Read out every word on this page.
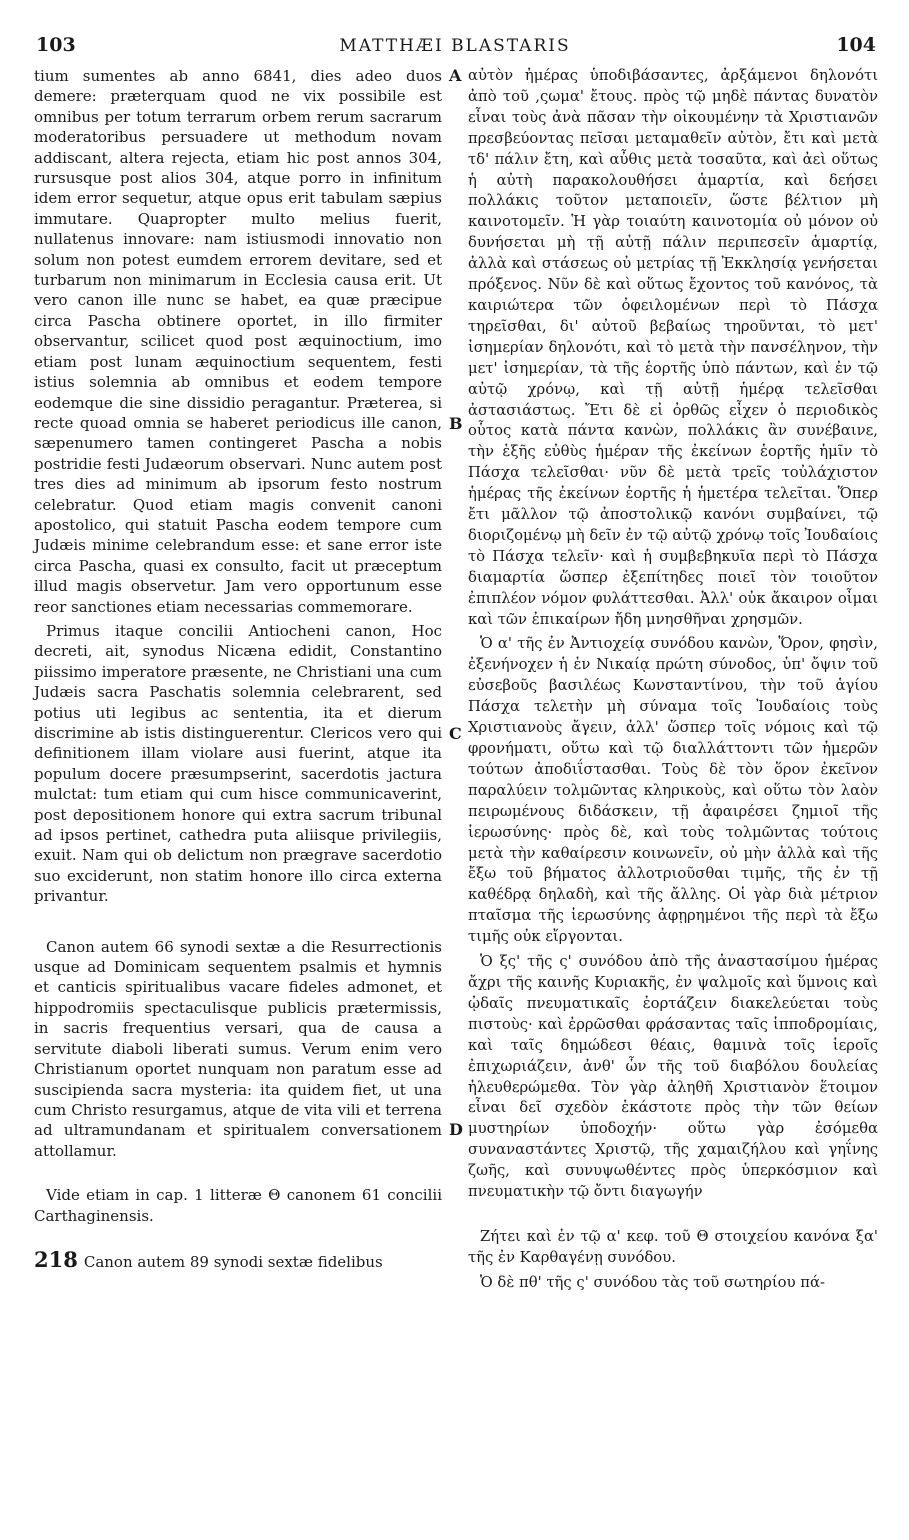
103	MATTHÆI BLASTARIS	104

tium sumentes ab anno 6841, dies adeo duos demere: præterquam quod ne vix possibile est omnibus per totum terrarum orbem rerum sacrarum moderatoribus persuadere ut methodum novam addiscant, altera rejecta, etiam hic post annos 304, rursusque post alios 304, atque porro in infinitum idem error sequetur, atque opus erit tabulam sæpius immutare. Quapropter multo melius fuerit, nullatenus innovare: nam istiusmodi innovatio non solum non potest eumdem errorem devitare, sed et turbarum non minimarum in Ecclesia causa erit. Ut vero canon ille nunc se habet, ea quæ præcipue circa Pascha obtinere oportet, in illo firmiter observantur, scilicet quod post æquinoctium, imo etiam post lunam æquinoctium sequentem, festi istius solemnia ab omnibus et eodem tempore eodemque die sine dissidio peragantur. Præterea, si recte quoad omnia se haberet periodicus ille canon, sæpenumero tamen contingeret Pascha a nobis postridie festi Judæorum observari. Nunc autem post tres dies ad minimum ab ipsorum festo nostrum celebratur. Quod etiam magis convenit canoni apostolico, qui statuit Pascha eodem tempore cum Judæis minime celebrandum esse: et sane error iste circa Pascha, quasi ex consulto, facit ut præceptum illud magis observetur. Jam vero opportunum esse reor sanctiones etiam necessarias commemorare.

Primus itaque concilii Antiocheni canon, Hoc decreti, ait, synodus Nicæna edidit, Constantino piissimo imperatore præsente, ne Christiani una cum Judæis sacra Paschatis solemnia celebrarent, sed potius uti legibus ac sententia, ita et dierum discrimine ab istis distinguerentur. Clericos vero qui definitionem illam violare ausi fuerint, atque ita populum docere præsumpserint, sacerdotis jactura mulctat: tum etiam qui cum hisce communicaverint, post depositionem honore qui extra sacrum tribunal ad ipsos pertinet, cathedra puta aliisque privilegiis, exuit. Nam qui ob delictum non prægrave sacerdotio suo exciderunt, non statim honore illo circa externa privantur.

Canon autem 66 synodi sextæ a die Resurrectionis usque ad Dominicam sequentem psalmis et hymnis et canticis spiritualibus vacare fideles admonet, et hippodromiis spectaculisque publicis prætermissis, in sacris frequentius versari, qua de causa a servitute diaboli liberati sumus. Verum enim vero Christianum oportet nunquam non paratum esse ad suscipienda sacra mysteria: ita quidem fiet, ut una cum Christo resurgamus, atque de vita vili et terrena ad ultramundanam et spiritualem conversationem attollamur.

Vide etiam in cap. 1 litteræ Θ canonem 61 concilii Carthaginensis.

218 Canon autem 89 synodi sextæ fidelibus

A
B
C
D

αὐτὸν ἡμέρας ὑποδιβάσαντες, ἀρξάμενοι δηλονότι ἀπὸ τοῦ ,ςωμα' ἔτους. πρὸς τῷ μηδὲ πάντας δυνατὸν εἶναι τοὺς ἀνὰ πᾶσαν τὴν οἰκουμένην τὰ Χριστιανῶν πρεσβεύοντας πεῖσαι μεταμαθεῖν αὐτὸν, ἔτι καὶ μετὰ τδ' πάλιν ἔτη, καὶ αὖθις μετὰ τοσαῦτα, καὶ ἀεὶ οὕτως ἡ αὐτὴ παρακολουθήσει ἁμαρτία, καὶ δεήσει πολλάκις τοῦτον μεταποιεῖν, ὥστε βέλτιον μὴ καινοτομεῖν. Ἡ γὰρ τοιαύτη καινοτομία οὐ μόνον οὐ δυνήσεται μὴ τῇ αὐτῇ πάλιν περιπεσεῖν ἁμαρτίᾳ, ἀλλὰ καὶ στάσεως οὐ μετρίας τῇ Ἐκκλησίᾳ γενήσεται πρόξενος. Νῦν δὲ καὶ οὕτως ἔχοντος τοῦ κανόνος, τὰ καιριώτερα τῶν ὀφειλομένων περὶ τὸ Πάσχα τηρεῖσθαι, δι' αὐτοῦ βεβαίως τηροῦνται, τὸ μετ' ἰσημερίαν δηλονότι, καὶ τὸ μετὰ τὴν πανσέληνον, τὴν μετ' ἰσημερίαν, τὰ τῆς ἑορτῆς ὑπὸ πάντων, καὶ ἐν τῷ αὐτῷ χρόνῳ, καὶ τῇ αὐτῇ ἡμέρᾳ τελεῖσθαι ἀστασιάστως. Ἔτι δὲ εἰ ὀρθῶς εἶχεν ὁ περιοδικὸς οὗτος κατὰ πάντα κανὼν, πολλάκις ἂν συνέβαινε, τὴν ἑξῆς εὐθὺς ἡμέραν τῆς ἐκείνων ἑορτῆς ἡμῖν τὸ Πάσχα τελεῖσθαι· νῦν δὲ μετὰ τρεῖς τοὐλάχιστον ἡμέρας τῆς ἐκείνων ἑορτῆς ἡ ἡμετέρα τελεῖται. Ὅπερ ἔτι μᾶλλον τῷ ἀποστολικῷ κανόνι συμβαίνει, τῷ διοριζομένῳ μὴ δεῖν ἐν τῷ αὐτῷ χρόνῳ τοῖς Ἰουδαίοις τὸ Πάσχα τελεῖν· καὶ ἡ συμβεβηκυῖα περὶ τὸ Πάσχα διαμαρτία ὥσπερ ἐξεπίτηδες ποιεῖ τὸν τοιοῦτον ἐπιπλέον νόμον φυλάττεσθαι. Ἀλλ' οὐκ ἄκαιρον οἶμαι καὶ τῶν ἐπικαίρων ἤδη μνησθῆναι χρησμῶν.

Ὁ α' τῆς ἐν Ἀντιοχείᾳ συνόδου κανὼν, Ὅρον, φησὶν, ἐξενήνοχεν ἡ ἐν Νικαίᾳ πρώτη σύνοδος, ὑπ' ὄψιν τοῦ εὐσεβοῦς βασιλέως Κωνσταντίνου, τὴν τοῦ ἁγίου Πάσχα τελετὴν μὴ σύναμα τοῖς Ἰουδαίοις τοὺς Χριστιανοὺς ἄγειν, ἀλλ' ὥσπερ τοῖς νόμοις καὶ τῷ φρονήματι, οὕτω καὶ τῷ διαλλάττοντι τῶν ἡμερῶν τούτων ἀποδιΐστασθαι. Τοὺς δὲ τὸν ὅρον ἐκεῖνον παραλύειν τολμῶντας κληρικοὺς, καὶ οὕτω τὸν λαὸν πειρωμένους διδάσκειν, τῇ ἀφαιρέσει ζημιοῖ τῆς ἱερωσύνης· πρὸς δὲ, καὶ τοὺς τολμῶντας τούτοις μετὰ τὴν καθαίρεσιν κοινωνεῖν, οὐ μὴν ἀλλὰ καὶ τῆς ἔξω τοῦ βήματος ἀλλοτριοῦσθαι τιμῆς, τῆς ἐν τῇ καθέδρᾳ δηλαδὴ, καὶ τῆς ἄλλης. Οἱ γὰρ διὰ μέτριον πταῖσμα τῆς ἱερωσύνης ἀφῃρημένοι τῆς περὶ τὰ ἔξω τιμῆς οὐκ εἴργονται.

Ὁ ξς' τῆς ς' συνόδου ἀπὸ τῆς ἀναστασίμου ἡμέρας ἄχρι τῆς καινῆς Κυριακῆς, ἐν ψαλμοῖς καὶ ὕμνοις καὶ ᾠδαῖς πνευματικαῖς ἑορτάζειν διακελεύεται τοὺς πιστοὺς· καὶ ἐρρῶσθαι φράσαντας ταῖς ἱπποδρομίαις, καὶ ταῖς δημώδεσι θέαις, θαμινὰ τοῖς ἱεροῖς ἐπιχωριάζειν, ἀνθ' ὧν τῆς τοῦ διαβόλου δουλείας ἠλευθερώμεθα. Τὸν γὰρ ἀληθῆ Χριστιανὸν ἕτοιμον εἶναι δεῖ σχεδὸν ἑκάστοτε πρὸς τὴν τῶν θείων μυστηρίων ὑποδοχήν· οὕτω γὰρ ἐσόμεθα συναναστάντες Χριστῷ, τῆς χαμαιζήλου καὶ γηΐνης ζωῆς, καὶ συνυψωθέντες πρὸς ὑπερκόσμιον καὶ πνευματικὴν τῷ ὄντι διαγωγήν

Ζήτει καὶ ἐν τῷ α' κεφ. τοῦ Θ στοιχείου κανόνα ξα' τῆς ἐν Καρθαγένῃ συνόδου.

Ὁ δὲ πθ' τῆς ς' συνόδου τὰς τοῦ σωτηρίου πά-
